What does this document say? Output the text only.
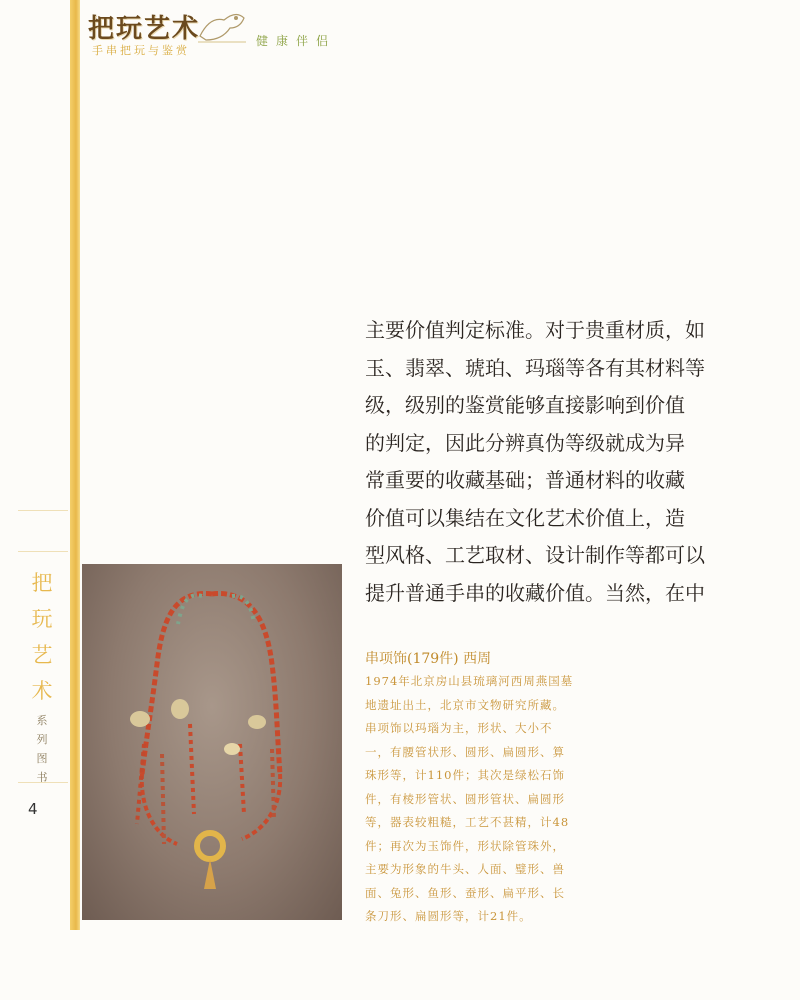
把玩艺术
手串把玩与鉴赏
健康伴侣
主要价值判定标准。对于贵重材质，如
玉、翡翠、琥珀、玛瑙等各有其材料等
级，级别的鉴赏能够直接影响到价值
的判定，因此分辨真伪等级就成为异
常重要的收藏基础；普通材料的收藏
价值可以集结在文化艺术价值上，造
型风格、工艺取材、设计制作等都可以
提升普通手串的收藏价值。当然，在中
把
玩
艺
术
系
列
图
书
4
串项饰(179件) 西周
1974年北京房山县琉璃河西周燕国墓
地遗址出土，北京市文物研究所藏。
串项饰以玛瑙为主，形状、大小不
一，有腰管状形、圆形、扁圆形、算
珠形等，计110件；其次是绿松石饰
件，有棱形管状、圆形管状、扁圆形
等，器表较粗糙，工艺不甚精，计48
件；再次为玉饰件，形状除管珠外，
主要为形象的牛头、人面、璧形、兽
面、兔形、鱼形、蚕形、扁平形、长
条刀形、扁圆形等，计21件。
